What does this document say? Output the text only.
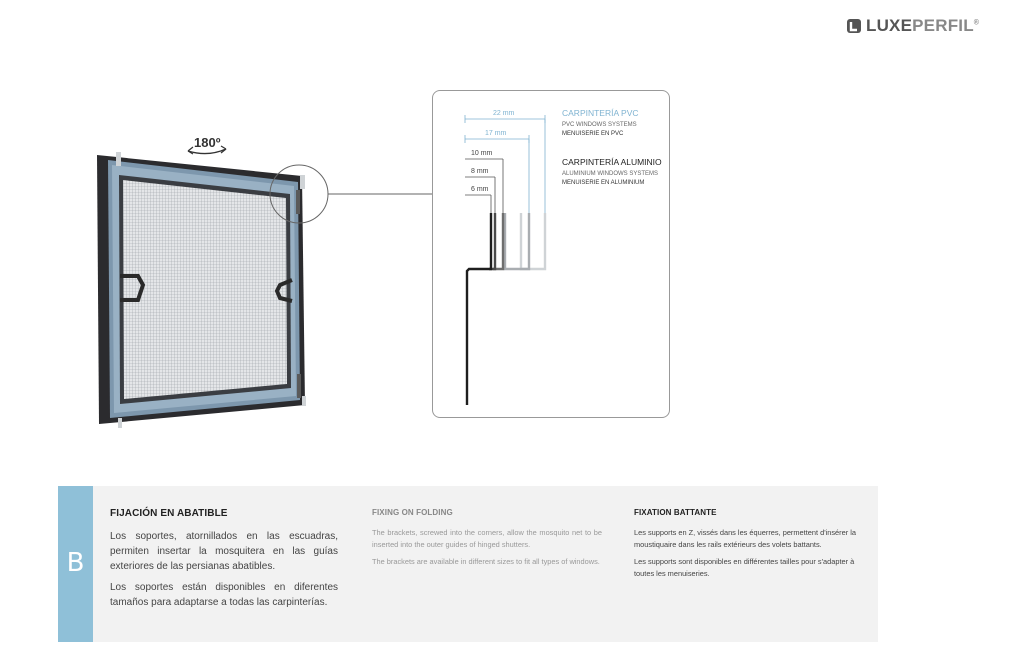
LUXEPERFIL®
180º
22 mm
17 mm
10 mm
8 mm
6 mm
CARPINTERÍA PVC
PVC WINDOWS SYSTEMS
MENUISERIE EN PVC
CARPINTERÍA ALUMINIO
ALUMINIUM WINDOWS SYSTEMS
MENUISERIE EN ALUMINIUM
B
FIJACIÓN EN ABATIBLE

Los soportes, atornillados en las escuadras, permiten insertar la mosquitera en las guías exteriores de las persianas abatibles.

Los soportes están disponibles en diferentes tamaños para adaptarse a todas las carpinterías.

FIXING ON FOLDING

The brackets, screwed into the corners, allow the mosquito net to be inserted into the outer guides of hinged shutters.

The brackets are available in different sizes to fit all types of windows.

FIXATION BATTANTE

Les supports en Z, vissés dans les équerres, permettent d'insérer la moustiquaire dans les rails extérieurs des volets battants.

Les supports sont disponibles en différentes tailles pour s'adapter à toutes les menuiseries.
